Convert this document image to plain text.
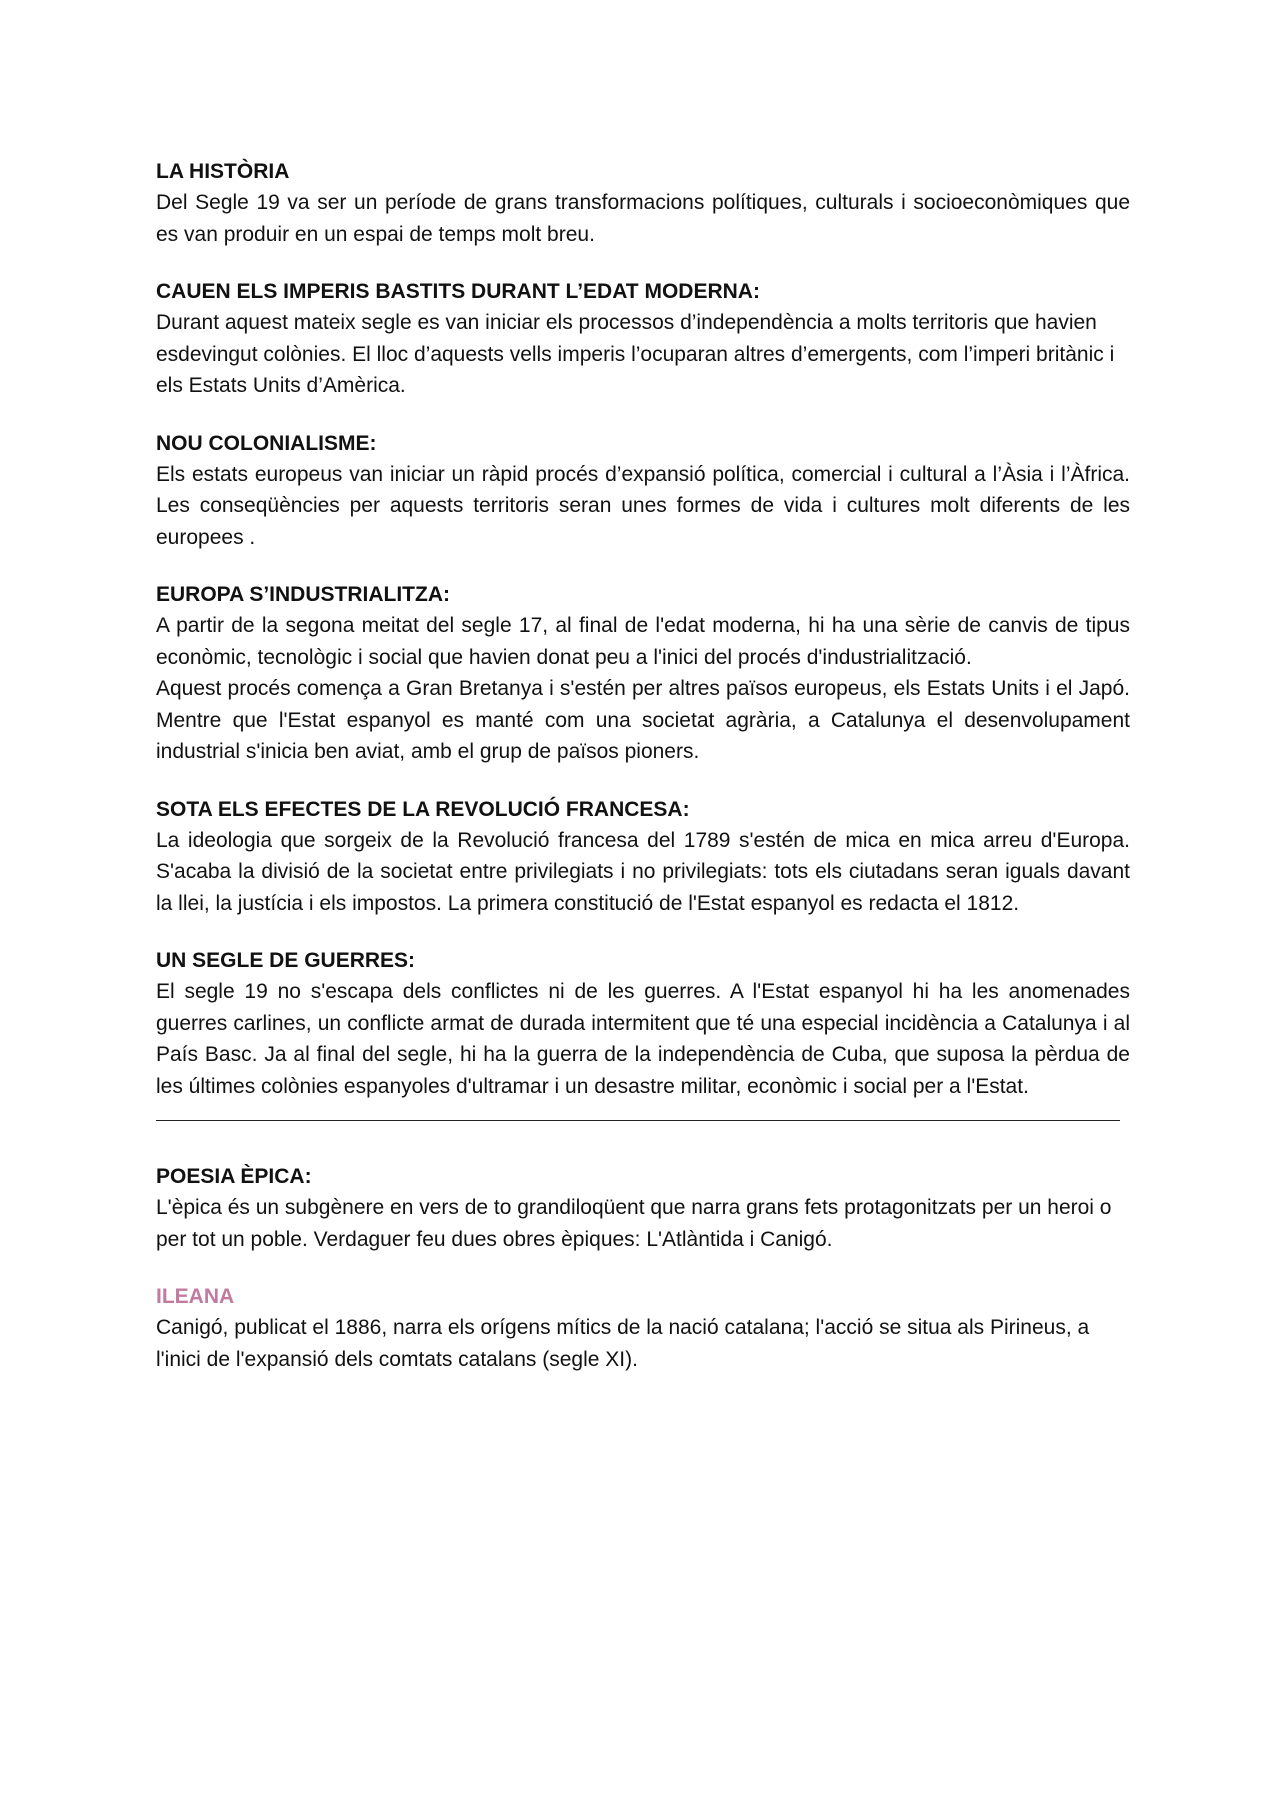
LA HISTÒRIA

Del Segle 19 va ser un període de grans transformacions polítiques, culturals i socioeconòmiques que es van produir en un espai de temps molt breu.

CAUEN ELS IMPERIS BASTITS DURANT L’EDAT MODERNA:

Durant aquest mateix segle es van iniciar els processos d’independència a molts territoris que havien esdevingut colònies. El lloc d’aquests vells imperis l’ocuparan altres d’emergents, com l’imperi britànic i els Estats Units d’Amèrica.

NOU COLONIALISME:

Els estats europeus van iniciar un ràpid procés d’expansió política, comercial i cultural a l’Àsia i l’Àfrica. Les conseqüències per aquests territoris seran unes formes de vida i cultures molt diferents de les europees .

EUROPA S’INDUSTRIALITZA:

A partir de la segona meitat del segle 17, al final de l'edat moderna, hi ha una sèrie de canvis de tipus econòmic, tecnològic i social que havien donat peu a l'inici del procés d'industrialització.

Aquest procés comença a Gran Bretanya i s'estén per altres països europeus, els Estats Units i el Japó. Mentre que l'Estat espanyol es manté com una societat agrària, a Catalunya el desenvolupament industrial s'inicia ben aviat, amb el grup de països pioners.

SOTA ELS EFECTES DE LA REVOLUCIÓ FRANCESA:

La ideologia que sorgeix de la Revolució francesa del 1789 s'estén de mica en mica arreu d'Europa. S'acaba la divisió de la societat entre privilegiats i no privilegiats: tots els ciutadans seran iguals davant la llei, la justícia i els impostos. La primera constitució de l'Estat espanyol es redacta el 1812.

UN SEGLE DE GUERRES:

El segle 19 no s'escapa dels conflictes ni de les guerres. A l'Estat espanyol hi ha les anomenades guerres carlines, un conflicte armat de durada intermitent que té una especial incidència a Catalunya i al País Basc. Ja al final del segle, hi ha la guerra de la independència de Cuba, que suposa la pèrdua de les últimes colònies espanyoles d'ultramar i un desastre militar, econòmic i social per a l'Estat.

POESIA ÈPICA:

L'èpica és un subgènere en vers de to grandiloqüent que narra grans fets protagonitzats per un heroi o per tot un poble. Verdaguer feu dues obres èpiques: L'Atlàntida i Canigó.

ILEANA

Canigó, publicat el 1886, narra els orígens mítics de la nació catalana; l'acció se situa als Pirineus, a l'inici de l'expansió dels comtats catalans (segle XI).
